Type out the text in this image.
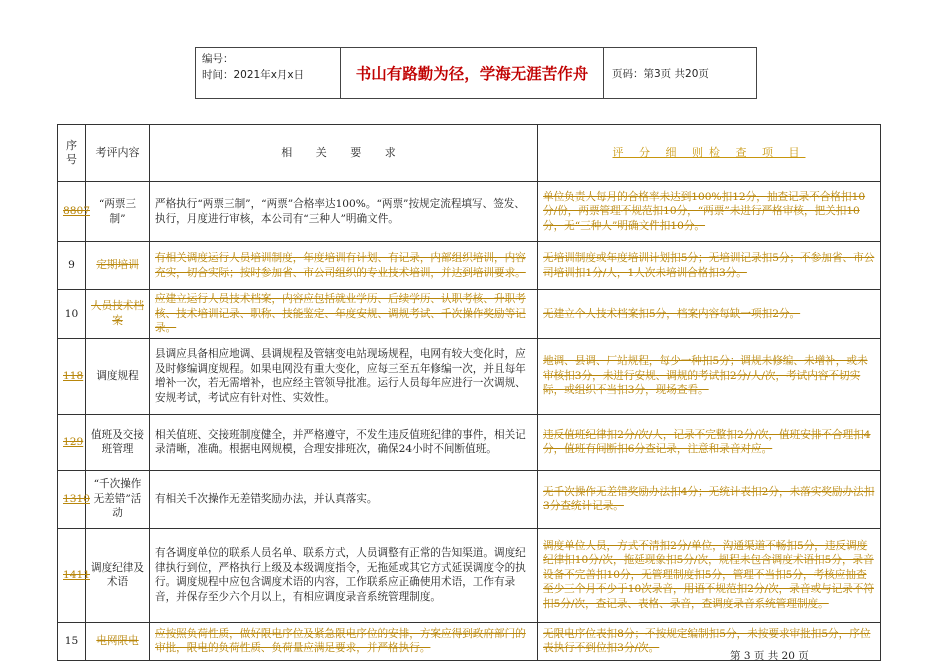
编号：
时间：2021年x月x日	书山有路勤为径，学海无涯苦作舟	页码：第3页 共20页
序号	考评内容	相 关 要 求	评 分 细 则检 查 项 目
8807	“两票三制”	严格执行“两票三制”，“两票”合格率达100%。“两票”按规定流程填写、签发、执行，月度进行审核，本公司有“三种人”明确文件。	单位负责人每月的合格率未达到100%扣12分，抽查记录不合格扣10分/份，两票管理不规范扣10分，“两票”未进行严格审核，把关扣10分，无“三种人”明确文件扣10分。
9	定期培训	有相关调度运行人员培训制度，年度培训有计划、有记录，内部组织培训，内容充实，切合实际；按时参加省、市公司组织的专业技术培训，并达到培训要求。	无培训制度或年度培训计划扣5分；无培训记录扣5分；不参加省、市公司培训扣1分/人，1人次未培训合格扣3分。
10	人员技术档案	应建立运行人员技术档案，内容应包括就业学历、后续学历、认职考核、升职考核、技术培训记录、职称、技能鉴定、年度安规、调规考试、千次操作奖励等记录。	无建立个人技术档案扣5分，档案内容每缺一项扣2分。
118	调度规程	县调应具备相应地调、县调规程及管辖变电站现场规程，电网有较大变化时，应及时修编调度规程。如果电网没有重大变化，应每三至五年修编一次，并且每年增补一次，若无需增补，也应经主管领导批准。运行人员每年应进行一次调规、安规考试，考试应有针对性、实效性。	地调、县调、厂站规程，每少一种扣5分；调规未修编、未增补，或未审核扣3分，未进行安规、调规的考试扣2分/人/次，考试内容不切实际，或组织不当扣3分，现场查看。
129	值班及交接班管理	相关值班、交接班制度健全，并严格遵守，不发生违反值班纪律的事件，相关记录清晰，准确。根据电网规模，合理安排班次，确保24小时不间断值班。	违反值班纪律扣2分/次/人，记录不完整扣2分/次，值班安排不合理扣4分，值班有间断扣6分查记录，注意和录音对应。
1310	“千次操作无差错”活动	有相关千次操作无差错奖励办法，并认真落实。	无千次操作无差错奖励办法扣4分；无统计表扣2分，未落实奖励办法扣3分查统计记录。
1411	调度纪律及术语	有各调度单位的联系人员名单、联系方式，人员调整有正常的告知渠道。调度纪律执行到位，严格执行上级及本级调度指令，无拖延或其它方式延误调度令的执行。调度规程中应包含调度术语的内容，工作联系应正确使用术语，工作有录音，并保存至少六个月以上，有相应调度录音系统管理制度。	调度单位人员，方式不清扣2分/单位，沟通渠道不畅扣5分，违反调度纪律扣10分/次，拖延现象扣5分/次，规程未包含调度术语扣5分，录音设备不完善扣10分，无管理制度扣5分，管理不当扣5分，考核应抽查至少三个月不少于10次录音，用语不规范扣2分/次，录音或与记录不符扣5分/次，查记录、表格、录音，查调度录音系统管理制度。
15	电网限电	应按照负荷性质，做好限电序位及紧急限电序位的安排，方案应得到政府部门的审批，限电的负荷性质、负荷量应满足要求，并严格执行。	无限电序位表扣8分；不按规定编制扣5分，未按要求审批扣5分，序位表执行不到位扣3分/次。
第 3 页 共 20 页
